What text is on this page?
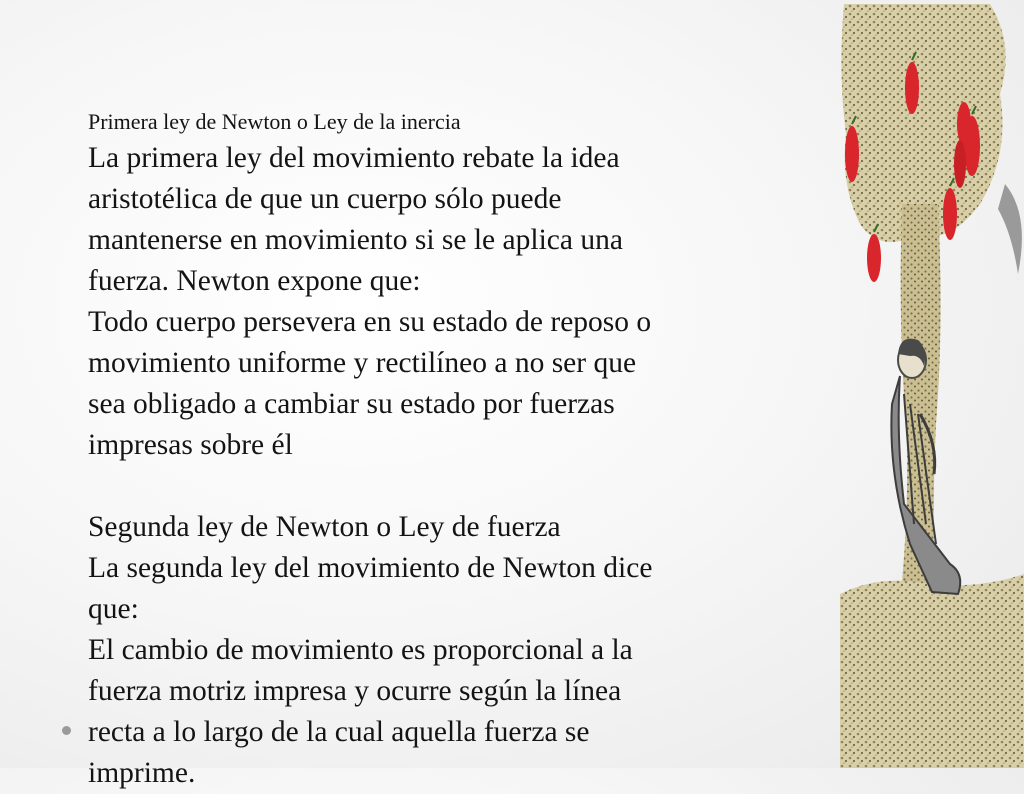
Primera ley de Newton o Ley de la inercia

La primera ley del movimiento rebate la idea

aristotélica de que un cuerpo sólo puede

mantenerse en movimiento si se le aplica una

fuerza. Newton expone que:

Todo cuerpo persevera en su estado de reposo o

movimiento uniforme y rectilíneo a no ser que

sea obligado a cambiar su estado por fuerzas

impresas sobre él

Segunda ley de Newton o Ley de fuerza

La segunda ley del movimiento de Newton dice

que:

El cambio de movimiento es proporcional a la

fuerza motriz impresa y ocurre según la línea

recta a lo largo de la cual aquella fuerza se

imprime.
